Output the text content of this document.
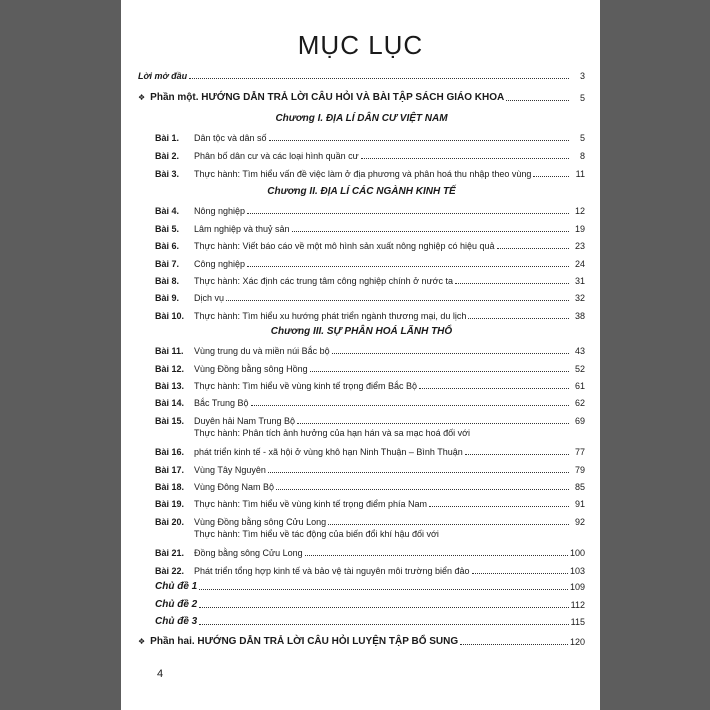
MỤC LỤC
Lời mở đầu	3
❖ Phần một. HƯỚNG DẪN TRẢ LỜI CÂU HỎI VÀ BÀI TẬP SÁCH GIÁO KHOA	5
Chương I. ĐỊA LÍ DÂN CƯ VIỆT NAM
Bài 1.	Dân tộc và dân số	5
Bài 2.	Phân bố dân cư và các loại hình quần cư	8
Bài 3.	Thực hành: Tìm hiểu vấn đề việc làm ở địa phương và phân hoá thu nhập theo vùng	11
Chương II. ĐỊA LÍ CÁC NGÀNH KINH TẾ
Bài 4.	Nông nghiệp	12
Bài 5.	Lâm nghiệp và thuỷ sản	19
Bài 6.	Thực hành: Viết báo cáo về một mô hình sản xuất nông nghiệp có hiệu quả	23
Bài 7.	Công nghiệp	24
Bài 8.	Thực hành: Xác định các trung tâm công nghiệp chính ở nước ta	31
Bài 9.	Dịch vụ	32
Bài 10.	Thực hành: Tìm hiểu xu hướng phát triển ngành thương mại, du lịch	38
Chương III. SỰ PHÂN HOÁ LÃNH THỔ
Bài 11.	Vùng trung du và miền núi Bắc bộ	43
Bài 12.	Vùng Đồng bằng sông Hồng	52
Bài 13.	Thực hành: Tìm hiểu về vùng kinh tế trọng điểm Bắc Bộ	61
Bài 14.	Bắc Trung Bộ	62
Bài 15.	Duyên hải Nam Trung Bộ	69
Thực hành: Phân tích ảnh hưởng của hạn hán và sa mạc hoá đối với
Bài 16.	phát triển kinh tế - xã hội ở vùng khô hạn Ninh Thuận – Bình Thuận	77
Bài 17.	Vùng Tây Nguyên	79
Bài 18.	Vùng Đông Nam Bộ	85
Bài 19.	Thực hành: Tìm hiểu về vùng kinh tế trọng điểm phía Nam	91
Bài 20.	Vùng Đồng bằng sông Cửu Long	92
Thực hành: Tìm hiểu về tác động của biến đổi khí hậu đối với
Bài 21.	Đồng bằng sông Cửu Long	100
Bài 22.	Phát triển tổng hợp kinh tế và bảo vệ tài nguyên môi trường biển đảo	103
Chủ đề 1	109
Chủ đề 2	112
Chủ đề 3	115
❖ Phần hai. HƯỚNG DẪN TRẢ LỜI CÂU HỎI LUYỆN TẬP BỔ SUNG	120
4
